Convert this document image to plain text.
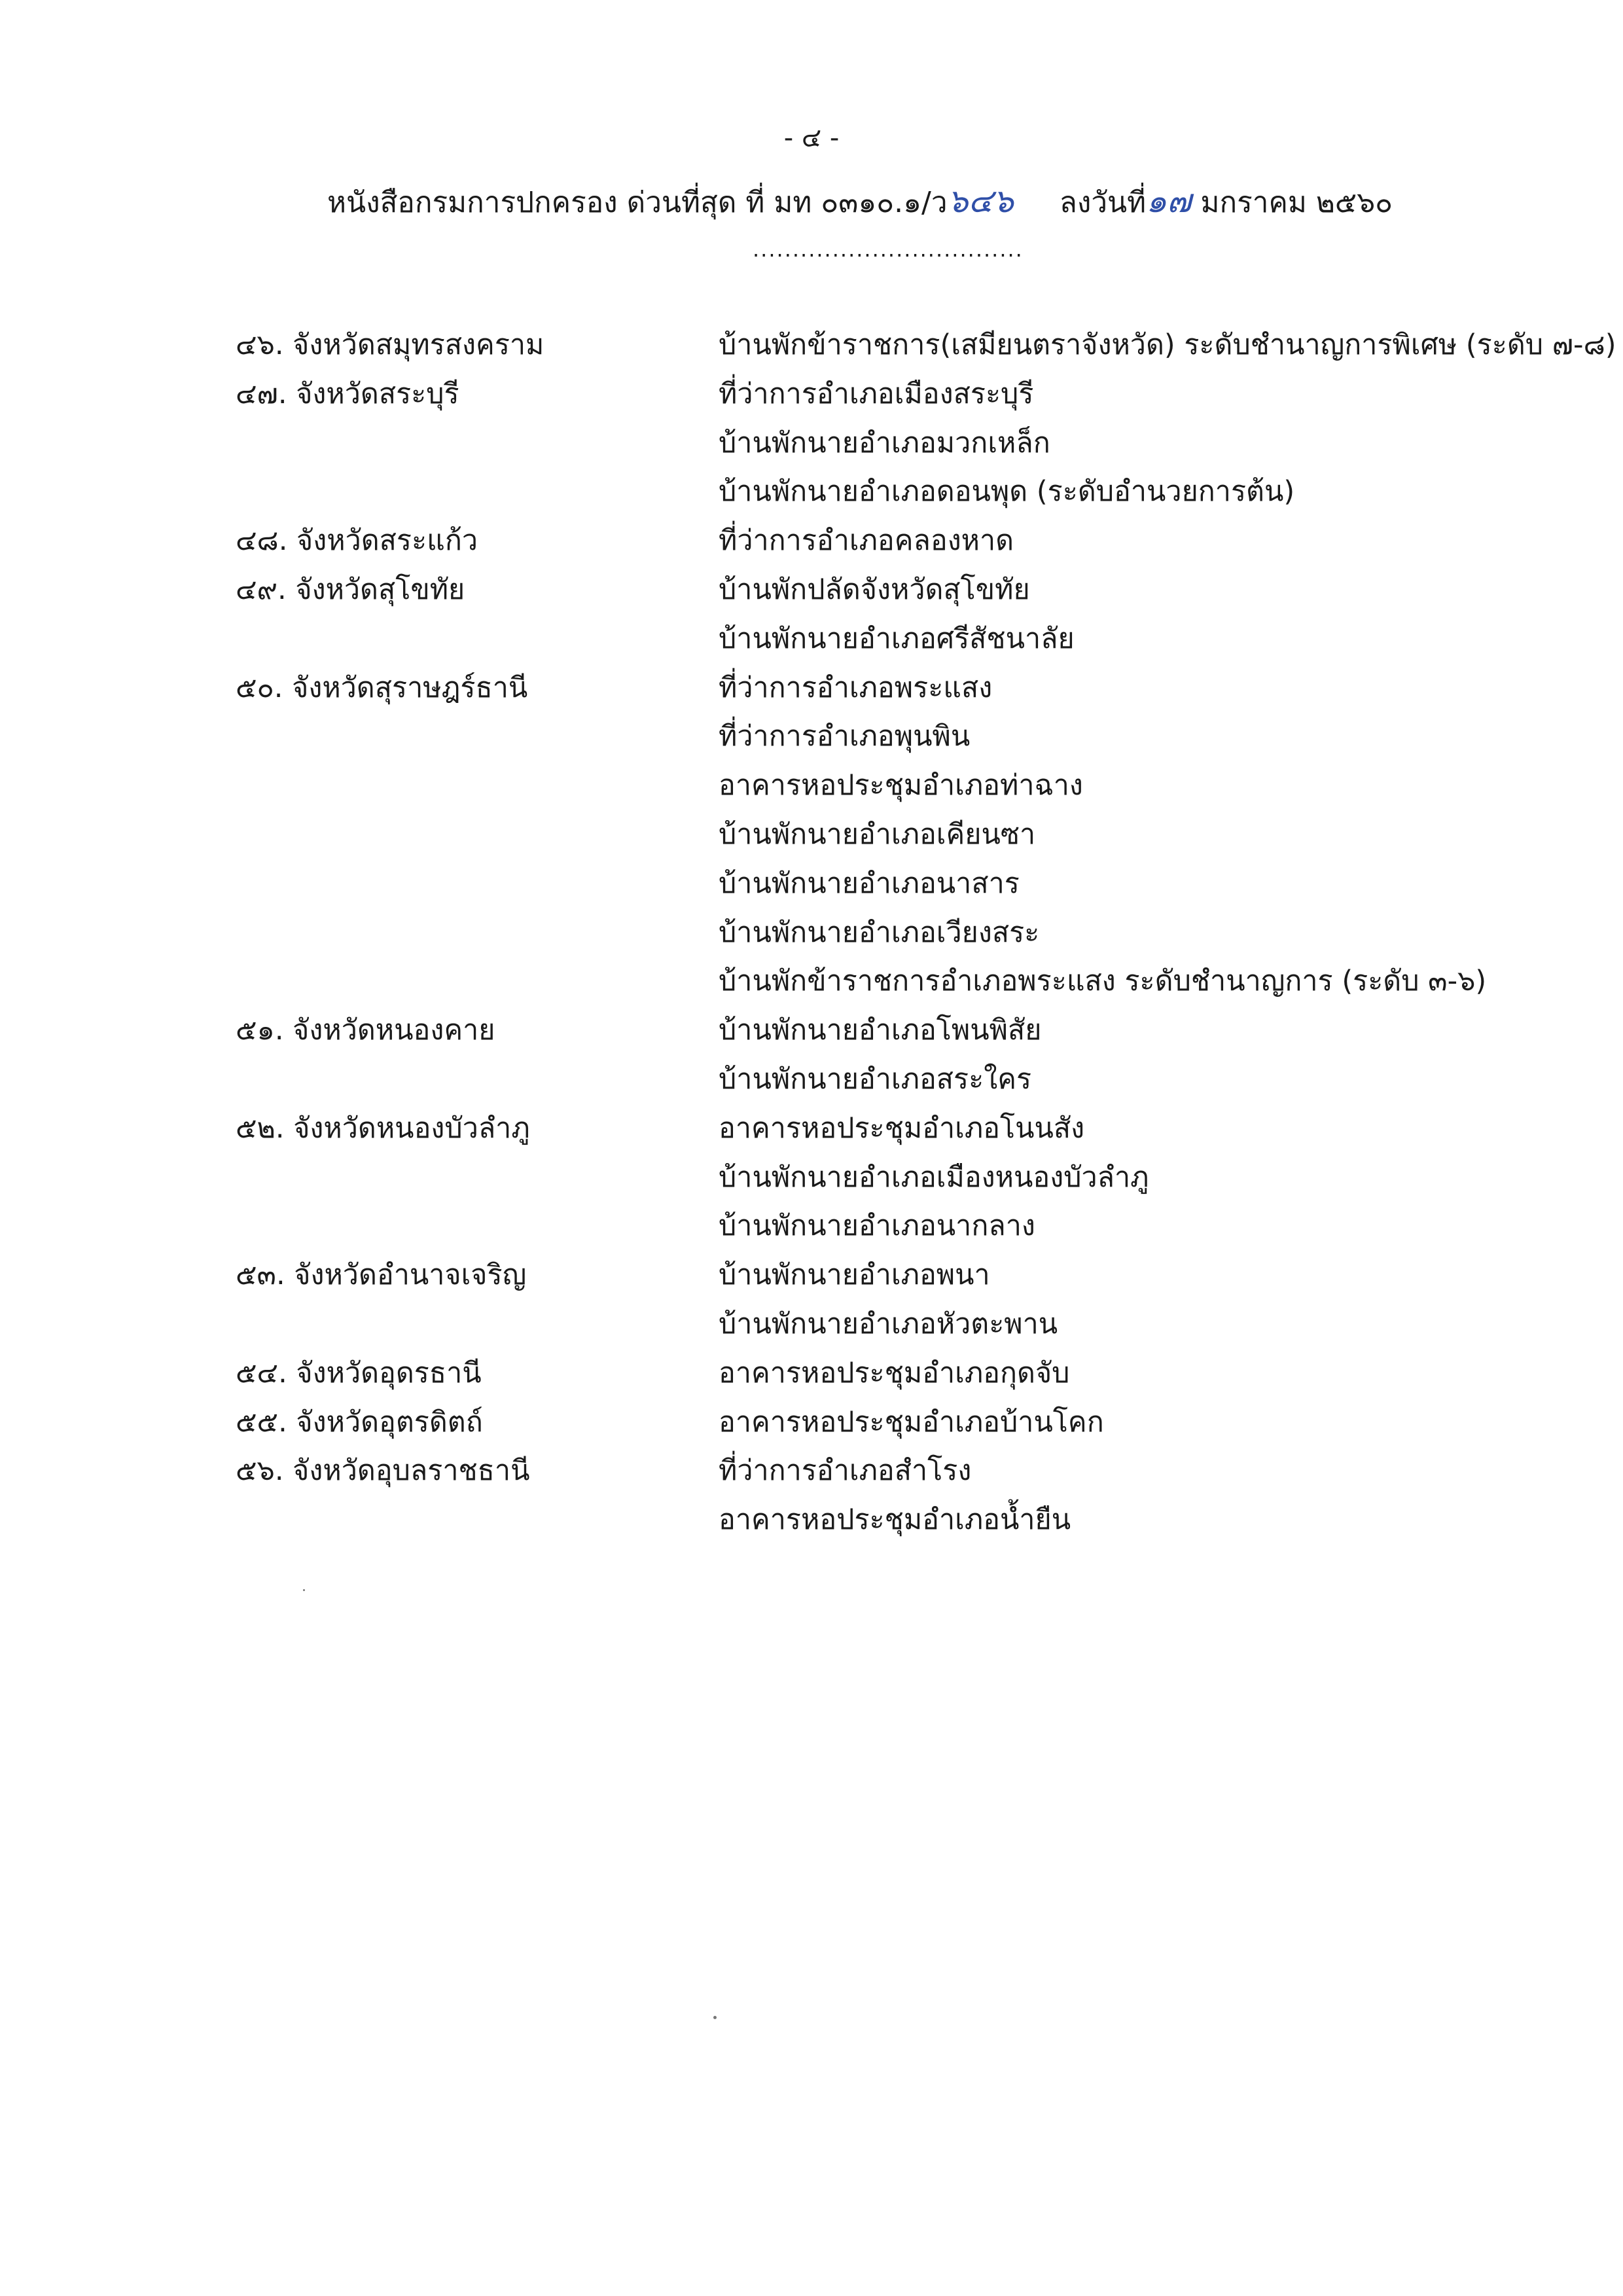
- ๔ -
หนังสือกรมการปกครอง ด่วนที่สุด ที่ มท ๐๓๑๐.๑/ว๖๔๖ ลงวันที่๑๗ มกราคม ๒๕๖๐
..................................
๔๖. จังหวัดสมุทรสงคราม	บ้านพักข้าราชการ(เสมียนตราจังหวัด) ระดับชำนาญการพิเศษ (ระดับ ๗-๘)
๔๗. จังหวัดสระบุรี	ที่ว่าการอำเภอเมืองสระบุรี
บ้านพักนายอำเภอมวกเหล็ก
บ้านพักนายอำเภอดอนพุด (ระดับอำนวยการต้น)
๔๘. จังหวัดสระแก้ว	ที่ว่าการอำเภอคลองหาด
๔๙. จังหวัดสุโขทัย	บ้านพักปลัดจังหวัดสุโขทัย
บ้านพักนายอำเภอศรีสัชนาลัย
๕๐. จังหวัดสุราษฎร์ธานี	ที่ว่าการอำเภอพระแสง
ที่ว่าการอำเภอพุนพิน
อาคารหอประชุมอำเภอท่าฉาง
บ้านพักนายอำเภอเคียนซา
บ้านพักนายอำเภอนาสาร
บ้านพักนายอำเภอเวียงสระ
บ้านพักข้าราชการอำเภอพระแสง ระดับชำนาญการ (ระดับ ๓-๖)
๕๑. จังหวัดหนองคาย	บ้านพักนายอำเภอโพนพิสัย
บ้านพักนายอำเภอสระใคร
๕๒. จังหวัดหนองบัวลำภู	อาคารหอประชุมอำเภอโนนสัง
บ้านพักนายอำเภอเมืองหนองบัวลำภู
บ้านพักนายอำเภอนากลาง
๕๓. จังหวัดอำนาจเจริญ	บ้านพักนายอำเภอพนา
บ้านพักนายอำเภอหัวตะพาน
๕๔. จังหวัดอุดรธานี	อาคารหอประชุมอำเภอกุดจับ
๕๕. จังหวัดอุตรดิตถ์	อาคารหอประชุมอำเภอบ้านโคก
๕๖. จังหวัดอุบลราชธานี	ที่ว่าการอำเภอสำโรง
อาคารหอประชุมอำเภอน้ำยืน
